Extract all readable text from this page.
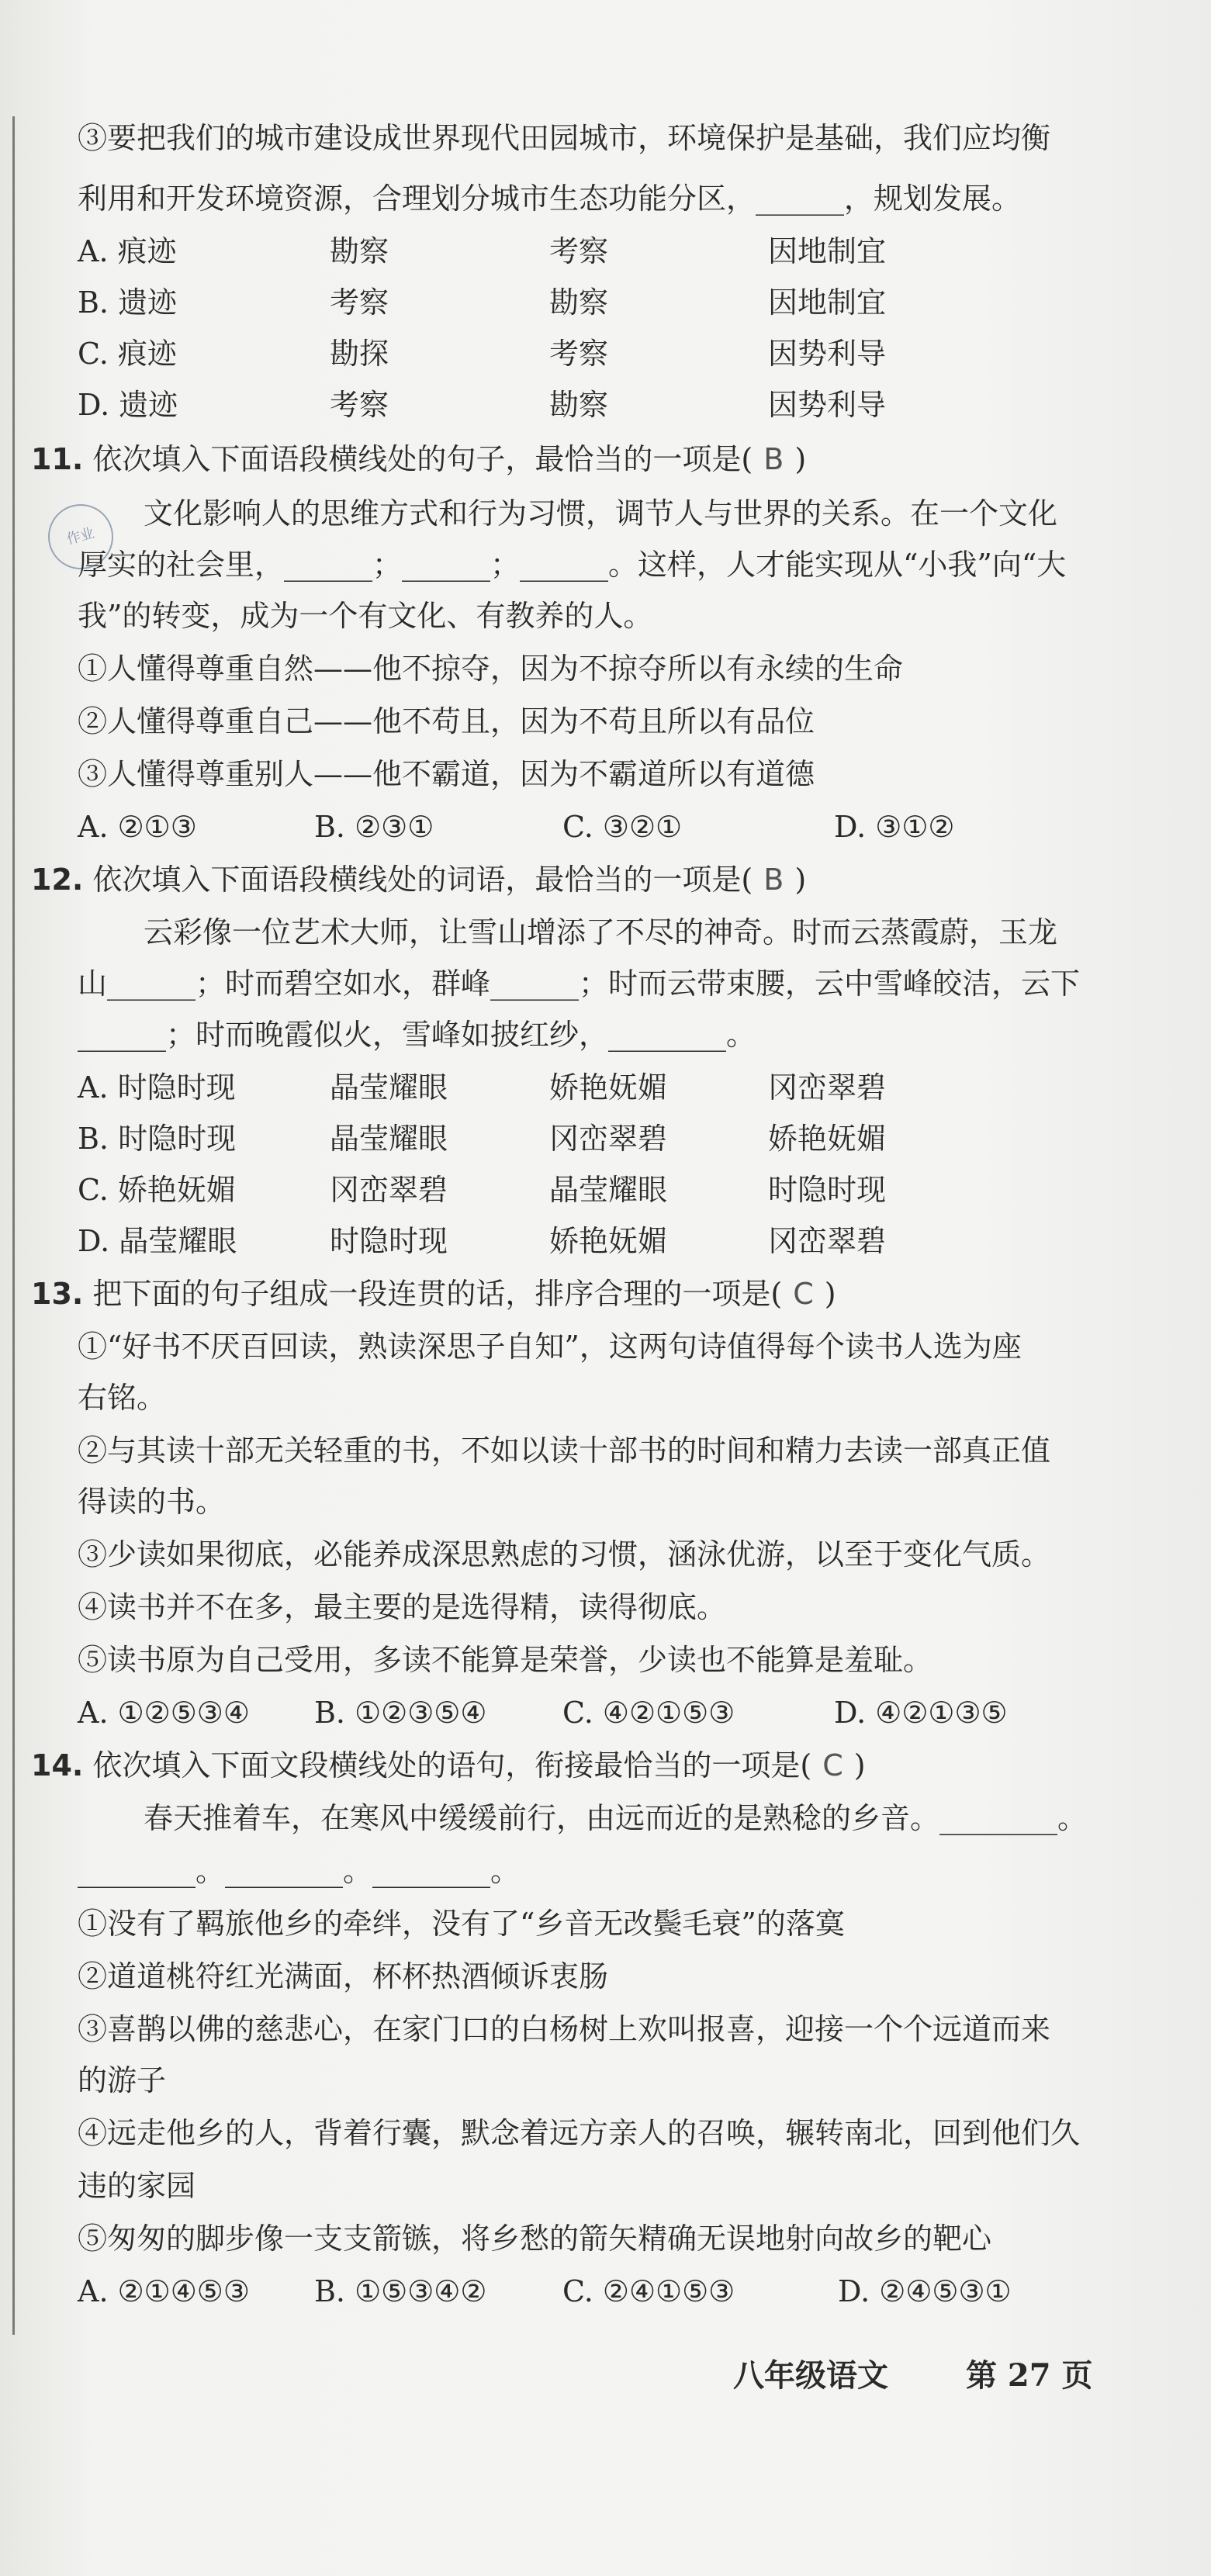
③要把我们的城市建设成世界现代田园城市，环境保护是基础，我们应均衡
利用和开发环境资源，合理划分城市生态功能分区，______，规划发展。
A. 痕迹	勘察	考察	因地制宜
B. 遗迹	考察	勘察	因地制宜
C. 痕迹	勘探	考察	因势利导
D. 遗迹	考察	勘察	因势利导
11. 依次填入下面语段横线处的句子，最恰当的一项是( B )
作业
文化影响人的思维方式和行为习惯，调节人与世界的关系。在一个文化
厚实的社会里，______；______；______。这样，人才能实现从“小我”向“大
我”的转变，成为一个有文化、有教养的人。
①人懂得尊重自然——他不掠夺，因为不掠夺所以有永续的生命
②人懂得尊重自己——他不苟且，因为不苟且所以有品位
③人懂得尊重别人——他不霸道，因为不霸道所以有道德
A. ②①③	B. ②③①	C. ③②①	D. ③①②
12. 依次填入下面语段横线处的词语，最恰当的一项是( B )
云彩像一位艺术大师，让雪山增添了不尽的神奇。时而云蒸霞蔚，玉龙
山______；时而碧空如水，群峰______；时而云带束腰，云中雪峰皎洁，云下
______；时而晚霞似火，雪峰如披红纱，________。
A. 时隐时现	晶莹耀眼	娇艳妩媚	冈峦翠碧
B. 时隐时现	晶莹耀眼	冈峦翠碧	娇艳妩媚
C. 娇艳妩媚	冈峦翠碧	晶莹耀眼	时隐时现
D. 晶莹耀眼	时隐时现	娇艳妩媚	冈峦翠碧
13. 把下面的句子组成一段连贯的话，排序合理的一项是( C )
①“好书不厌百回读，熟读深思子自知”，这两句诗值得每个读书人选为座
右铭。
②与其读十部无关轻重的书，不如以读十部书的时间和精力去读一部真正值
得读的书。
③少读如果彻底，必能养成深思熟虑的习惯，涵泳优游，以至于变化气质。
④读书并不在多，最主要的是选得精，读得彻底。
⑤读书原为自己受用，多读不能算是荣誉，少读也不能算是羞耻。
A. ①②⑤③④ B. ①②③⑤④	C. ④②①⑤③	D. ④②①③⑤
14. 依次填入下面文段横线处的语句，衔接最恰当的一项是( C )
春天推着车，在寒风中缓缓前行，由远而近的是熟稔的乡音。________。
________。________。________。
①没有了羁旅他乡的牵绊，没有了“乡音无改鬓毛衰”的落寞
②道道桃符红光满面，杯杯热酒倾诉衷肠
③喜鹊以佛的慈悲心，在家门口的白杨树上欢叫报喜，迎接一个个远道而来
的游子
④远走他乡的人，背着行囊，默念着远方亲人的召唤，辗转南北，回到他们久
违的家园
⑤匆匆的脚步像一支支箭镞，将乡愁的箭矢精确无误地射向故乡的靶心
A. ②①④⑤③ B. ①⑤③④②	C. ②④①⑤③	D. ②④⑤③①
八年级语文	第 27 页
